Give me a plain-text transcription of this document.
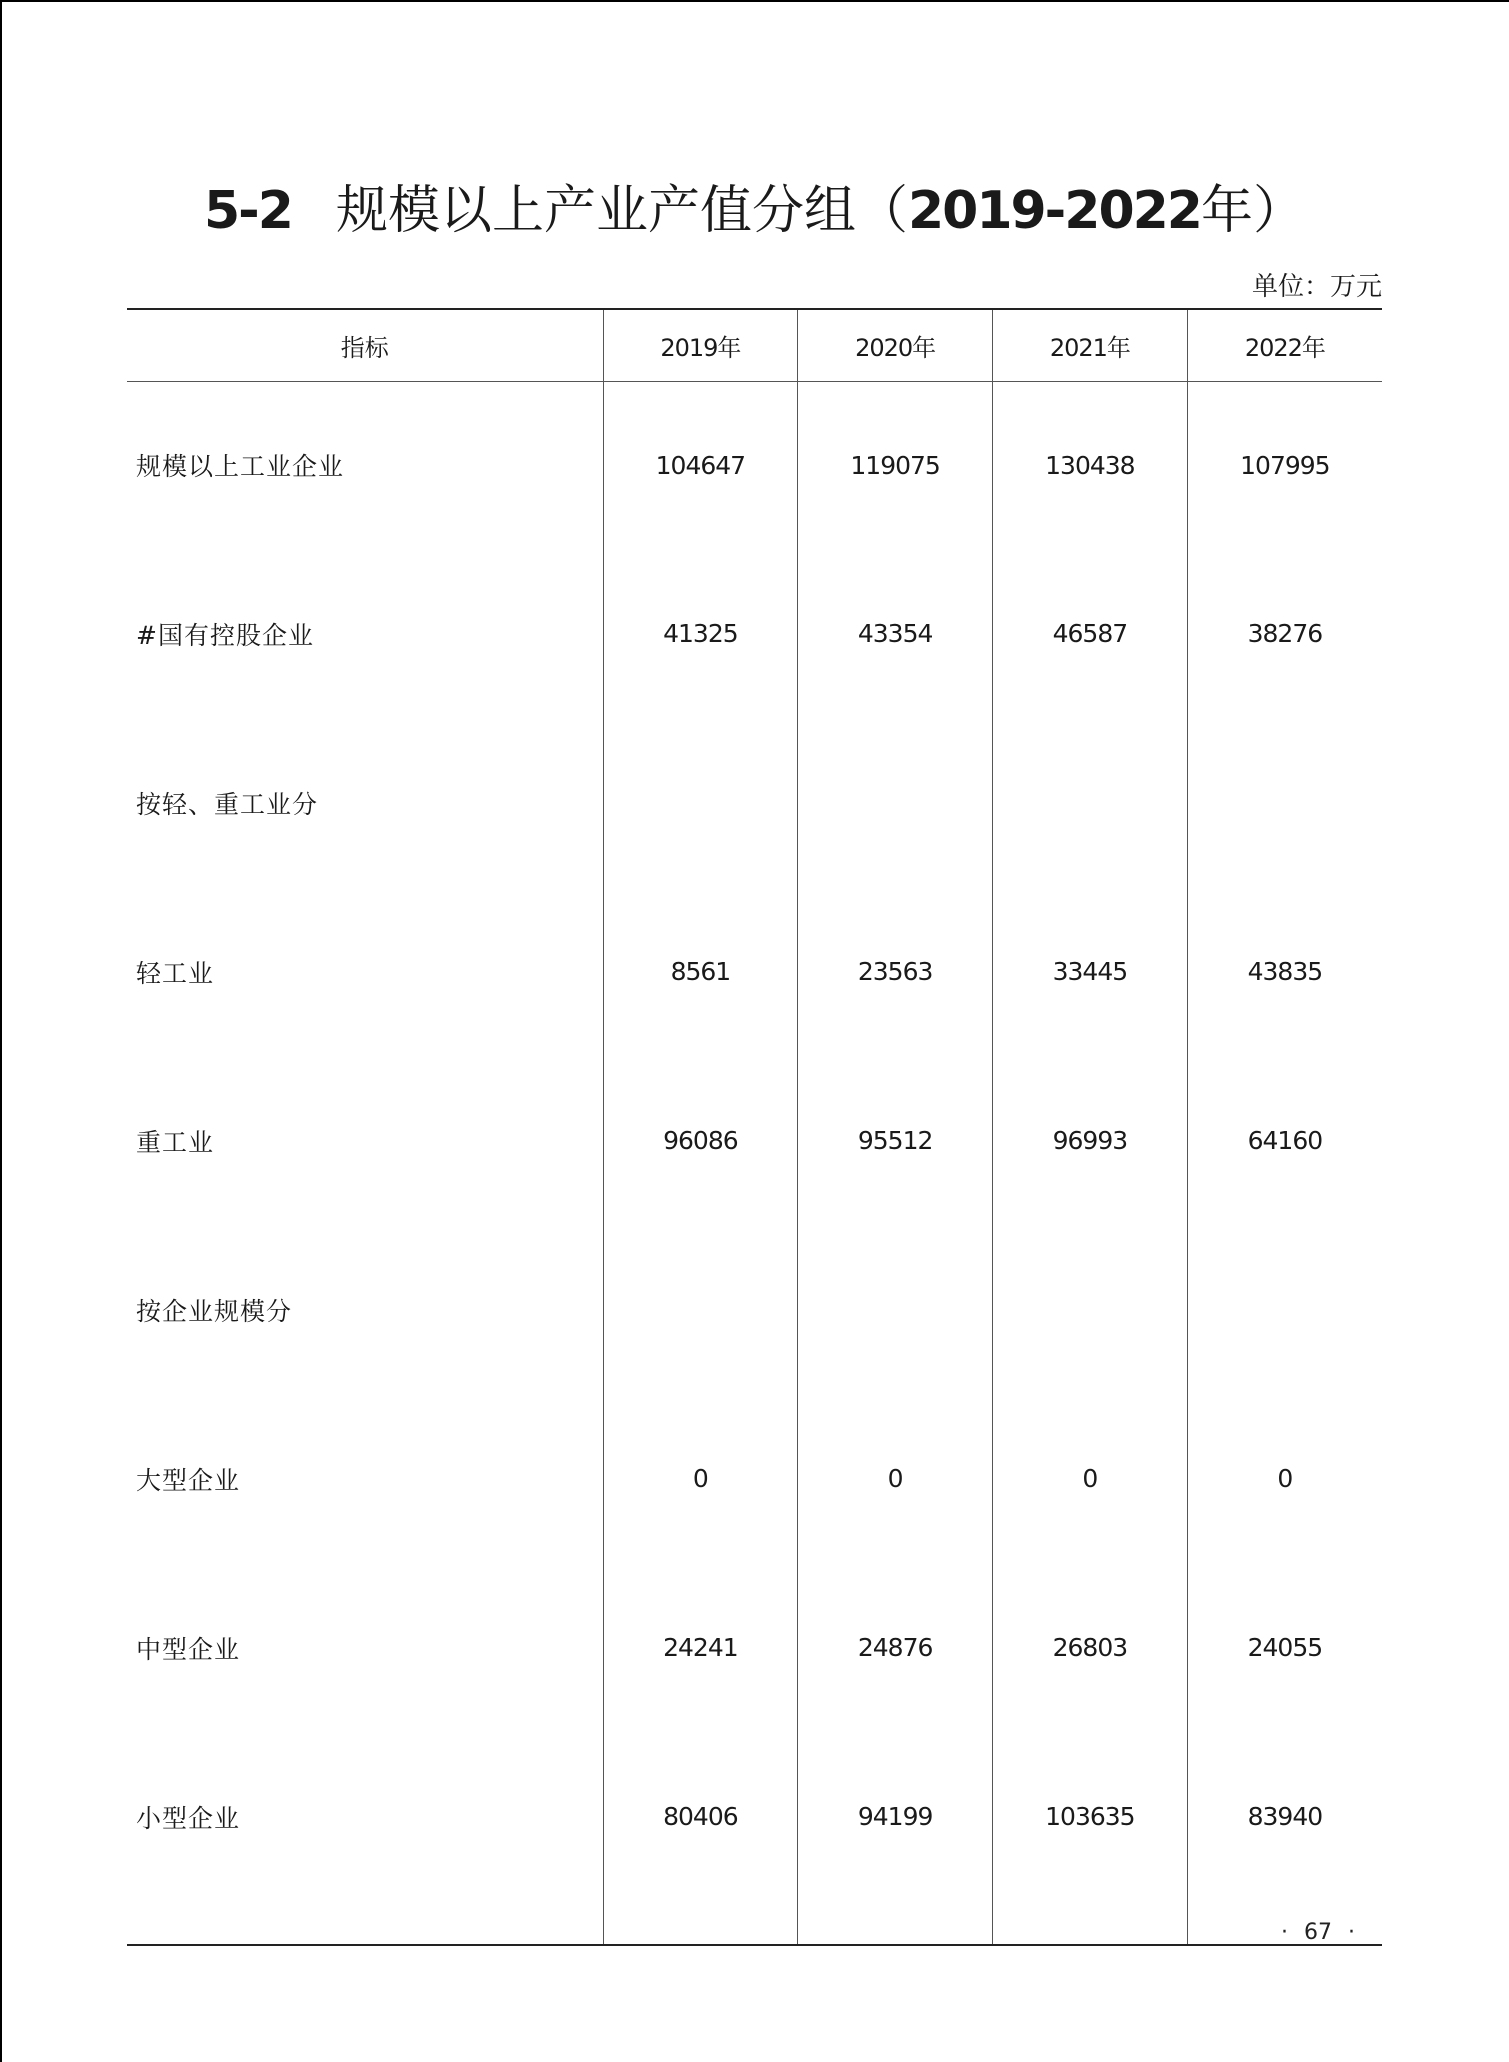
5-2 规模以上产业产值分组（2019-2022年）
单位：万元
指标	2019年	2020年	2021年	2022年
规模以上工业企业	104647	119075	130438	107995
#国有控股企业	41325	43354	46587	38276
按轻、重工业分				
轻工业	8561	23563	33445	43835
重工业	96086	95512	96993	64160
按企业规模分				
大型企业	0	0	0	0
中型企业	24241	24876	26803	24055
小型企业	80406	94199	103635	83940

· 67 ·
